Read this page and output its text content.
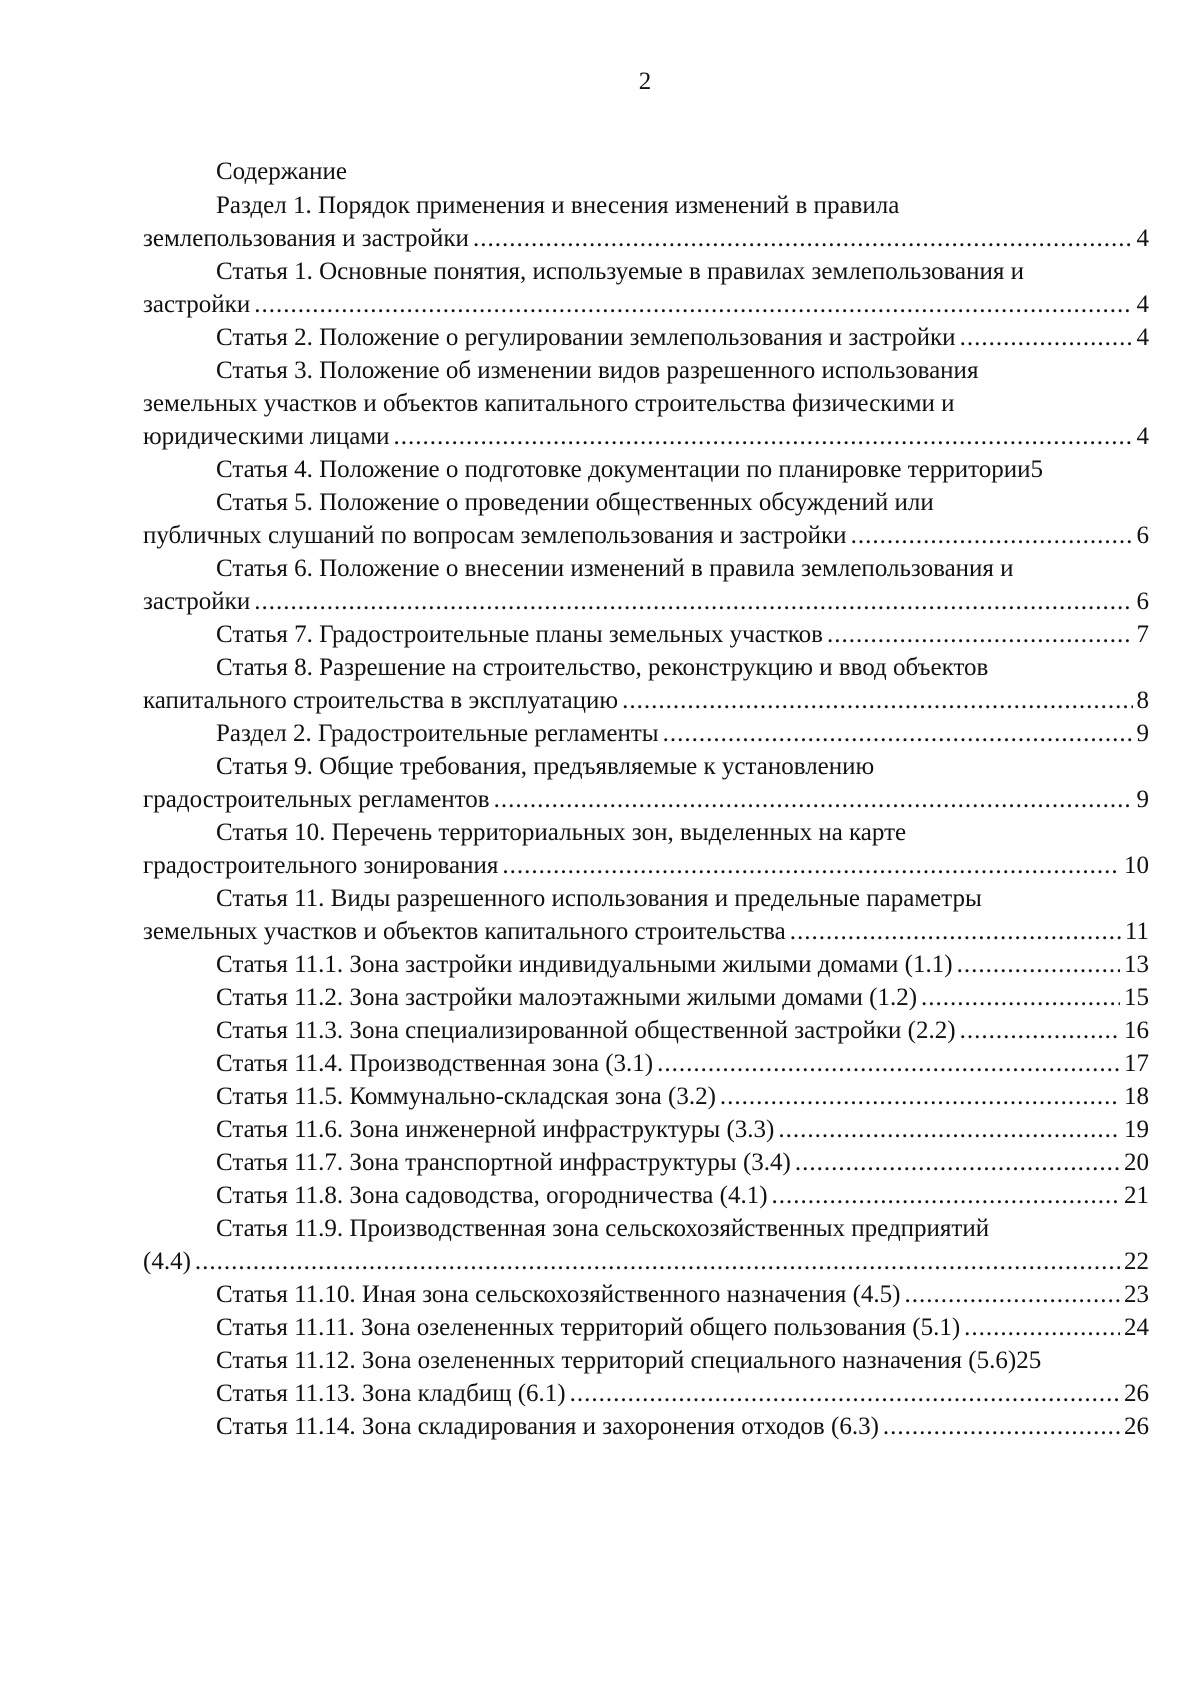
2
Содержание
Раздел 1. Порядок применения и внесения изменений в правила
землепользования и застройки .....	4
Статья 1. Основные понятия, используемые в правилах землепользования и
застройки .....	4
Статья 2. Положение о регулировании землепользования и застройки .....	4
Статья 3. Положение об изменении видов разрешенного использования
земельных участков и объектов капитального строительства физическими и
юридическими лицами .....	4
Статья 4. Положение о подготовке документации по планировке территории 5
Статья 5. Положение о проведении общественных обсуждений или
публичных слушаний по вопросам землепользования и застройки .....	6
Статья 6. Положение о внесении изменений в правила землепользования и
застройки .....	6
Статья 7. Градостроительные планы земельных участков .....	7
Статья 8. Разрешение на строительство, реконструкцию и ввод объектов
капитального строительства в эксплуатацию .....	8
Раздел 2. Градостроительные регламенты .....	9
Статья 9. Общие требования, предъявляемые к установлению
градостроительных регламентов .....	9
Статья 10. Перечень территориальных зон, выделенных на карте
градостроительного зонирования .....	10
Статья 11. Виды разрешенного использования и предельные параметры
земельных участков и объектов капитального строительства .....	11
Статья 11.1. Зона застройки индивидуальными жилыми домами (1.1) .....	13
Статья 11.2. Зона застройки малоэтажными жилыми домами (1.2) .....	15
Статья 11.3. Зона специализированной общественной застройки (2.2) .....	16
Статья 11.4. Производственная зона (3.1) .....	17
Статья 11.5. Коммунально-складская зона (3.2) .....	18
Статья 11.6. Зона инженерной инфраструктуры (3.3) .....	19
Статья 11.7. Зона транспортной инфраструктуры (3.4) .....	20
Статья 11.8. Зона садоводства, огородничества (4.1) .....	21
Статья 11.9. Производственная зона сельскохозяйственных предприятий
(4.4) .....	22
Статья 11.10. Иная зона сельскохозяйственного назначения (4.5) .....	23
Статья 11.11. Зона озелененных территорий общего пользования (5.1) .....	24
Статья 11.12. Зона озелененных территорий специального назначения (5.6) 25
Статья 11.13. Зона кладбищ (6.1) .....	26
Статья 11.14. Зона складирования и захоронения отходов (6.3) .....	26
